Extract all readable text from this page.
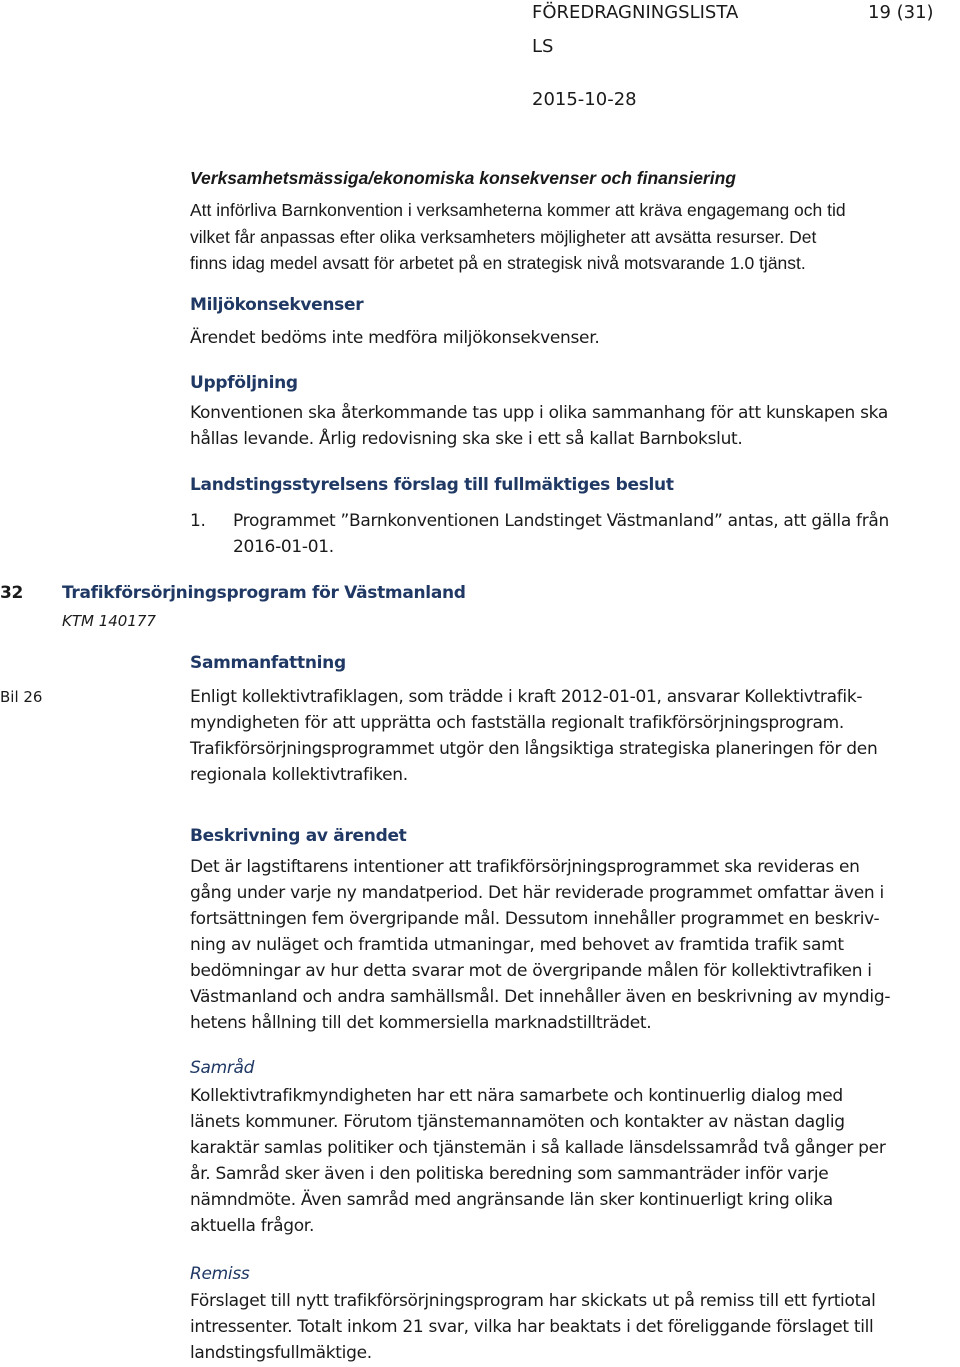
FÖREDRAGNINGSLISTA	19 (31)
LS
2015-10-28
Verksamhetsmässiga/ekonomiska konsekvenser och finansiering
Att införliva Barnkonvention i verksamheterna kommer att kräva engagemang och tid
vilket får anpassas efter olika verksamheters möjligheter att avsätta resurser. Det
finns idag medel avsatt för arbetet på en strategisk nivå motsvarande 1.0 tjänst.
Miljökonsekvenser
Ärendet bedöms inte medföra miljökonsekvenser.
Uppföljning
Konventionen ska återkommande tas upp i olika sammanhang för att kunskapen ska
hållas levande. Årlig redovisning ska ske i ett så kallat Barnbokslut.
Landstingsstyrelsens förslag till fullmäktiges beslut
1. Programmet ”Barnkonventionen Landstinget Västmanland” antas, att gälla från
2016-01-01.
32 Trafikförsörjningsprogram för Västmanland
KTM 140177
Sammanfattning
Bil 26	Enligt kollektivtrafiklagen, som trädde i kraft 2012-01-01, ansvarar Kollektivtrafik-
myndigheten för att upprätta och fastställa regionalt trafikförsörjningsprogram.
Trafikförsörjningsprogrammet utgör den långsiktiga strategiska planeringen för den
regionala kollektivtrafiken.
Beskrivning av ärendet
Det är lagstiftarens intentioner att trafikförsörjningsprogrammet ska revideras en
gång under varje ny mandatperiod. Det här reviderade programmet omfattar även i
fortsättningen fem övergripande mål. Dessutom innehåller programmet en beskriv-
ning av nuläget och framtida utmaningar, med behovet av framtida trafik samt
bedömningar av hur detta svarar mot de övergripande målen för kollektivtrafiken i
Västmanland och andra samhällsmål. Det innehåller även en beskrivning av myndig-
hetens hållning till det kommersiella marknadstillträdet.
Samråd
Kollektivtrafikmyndigheten har ett nära samarbete och kontinuerlig dialog med
länets kommuner. Förutom tjänstemannamöten och kontakter av nästan daglig
karaktär samlas politiker och tjänstemän i så kallade länsdelssamråd två gånger per
år. Samråd sker även i den politiska beredning som sammanträder inför varje
nämndmöte. Även samråd med angränsande län sker kontinuerligt kring olika
aktuella frågor.
Remiss
Förslaget till nytt trafikförsörjningsprogram har skickats ut på remiss till ett fyrtiotal
intressenter. Totalt inkom 21 svar, vilka har beaktats i det föreliggande förslaget till
landstingsfullmäktige.
